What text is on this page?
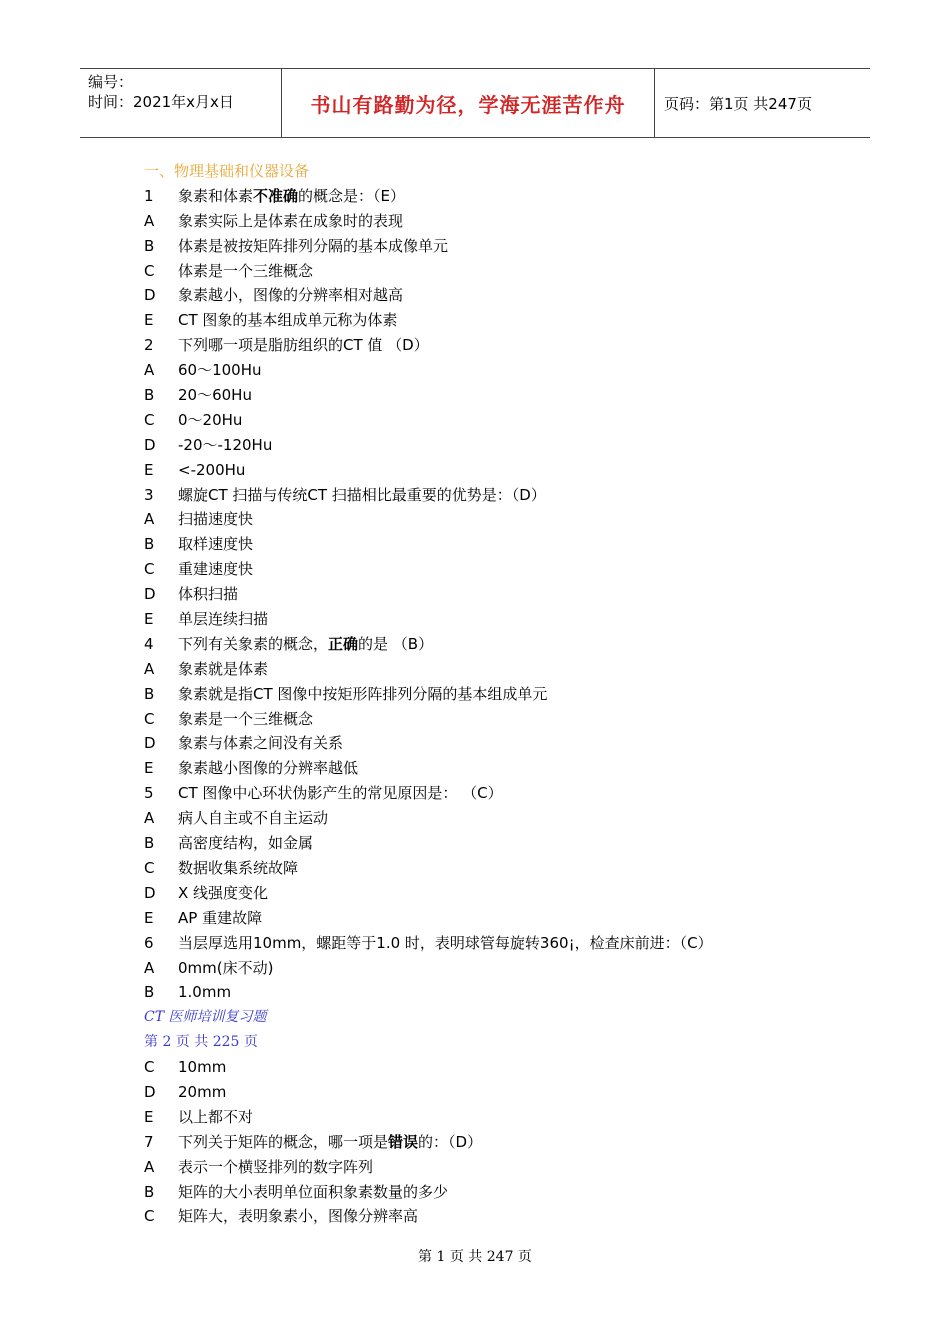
编号：
时间：2021年x月x日	书山有路勤为径，学海无涯苦作舟	页码：第1页 共247页
一、物理基础和仪器设备
1 象素和体素不准确的概念是：（E）
A 象素实际上是体素在成象时的表现
B 体素是被按矩阵排列分隔的基本成像单元
C 体素是一个三维概念
D 象素越小，图像的分辨率相对越高
E CT 图象的基本组成单元称为体素
2 下列哪一项是脂肪组织的CT 值 （D）
A 60～100Hu
B 20～60Hu
C 0～20Hu
D -20～-120Hu
E <-200Hu
3 螺旋CT 扫描与传统CT 扫描相比最重要的优势是：（D）
A 扫描速度快
B 取样速度快
C 重建速度快
D 体积扫描
E 单层连续扫描
4 下列有关象素的概念，正确的是 （B）
A 象素就是体素
B 象素就是指CT 图像中按矩形阵排列分隔的基本组成单元
C 象素是一个三维概念
D 象素与体素之间没有关系
E 象素越小图像的分辨率越低
5 CT 图像中心环状伪影产生的常见原因是： （C）
A 病人自主或不自主运动
B 高密度结构，如金属
C 数据收集系统故障
D X 线强度变化
E AP 重建故障
6 当层厚选用10mm，螺距等于1.0 时，表明球管每旋转360¡，检查床前进：（C）
A 0mm(床不动)
B 1.0mm
CT 医师培训复习题
第 2 页 共 225 页
C 10mm
D 20mm
E 以上都不对
7 下列关于矩阵的概念，哪一项是错误的：（D）
A 表示一个横竖排列的数字阵列
B 矩阵的大小表明单位面积象素数量的多少
C 矩阵大，表明象素小，图像分辨率高
第 1 页 共 247 页
